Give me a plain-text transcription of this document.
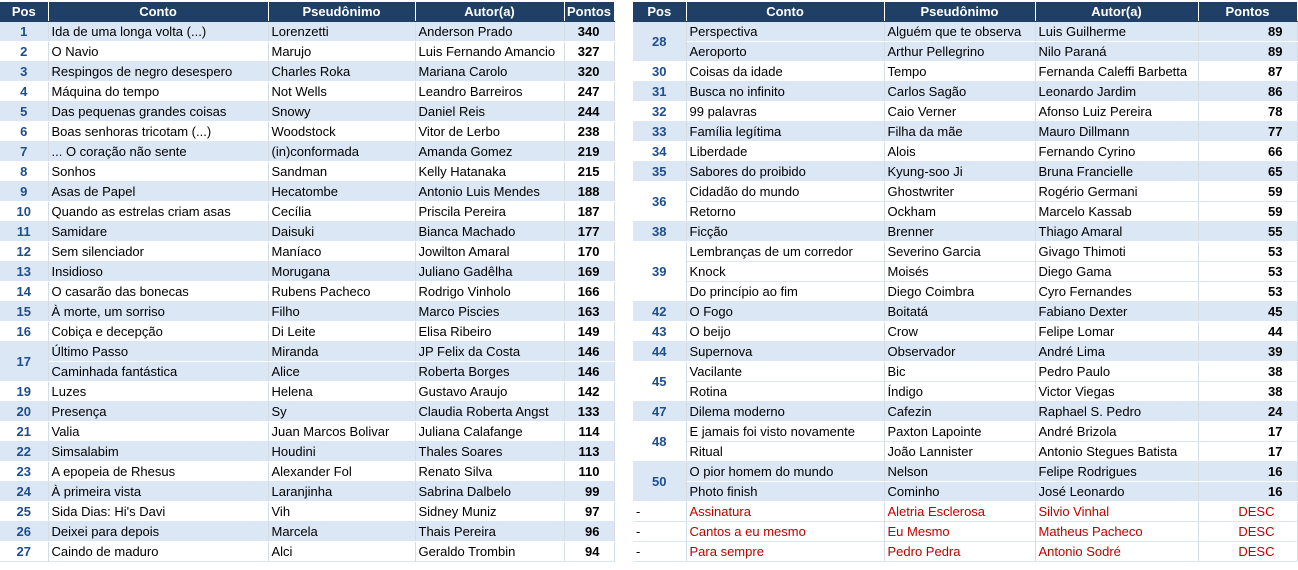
Pos	Conto	Pseudônimo	Autor(a)	Pontos
1	Ida de uma longa volta (...)	Lorenzetti	Anderson Prado	340
2	O Navio	Marujo	Luis Fernando Amancio	327
3	Respingos de negro desespero	Charles Roka	Mariana Carolo	320
4	Máquina do tempo	Not Wells	Leandro Barreiros	247
5	Das pequenas grandes coisas	Snowy	Daniel Reis	244
6	Boas senhoras tricotam (...)	Woodstock	Vitor de Lerbo	238
7	... O coração não sente	(in)conformada	Amanda Gomez	219
8	Sonhos	Sandman	Kelly Hatanaka	215
9	Asas de Papel	Hecatombe	Antonio Luis Mendes	188
10	Quando as estrelas criam asas	Cecília	Priscila Pereira	187
11	Samidare	Daisuki	Bianca Machado	177
12	Sem silenciador	Maníaco	Jowilton Amaral	170
13	Insidioso	Morugana	Juliano Gadêlha	169
14	O casarão das bonecas	Rubens Pacheco	Rodrigo Vinholo	166
15	À morte, um sorriso	Filho	Marco Piscies	163
16	Cobiça e decepção	Di Leite	Elisa Ribeiro	149
17	Último Passo	Miranda	JP Felix da Costa	146
	Caminhada fantástica	Alice	Roberta Borges	146
19	Luzes	Helena	Gustavo Araujo	142
20	Presença	Sy	Claudia Roberta Angst	133
21	Valia	Juan Marcos Bolivar	Juliana Calafange	114
22	Simsalabim	Houdini	Thales Soares	113
23	A epopeia de Rhesus	Alexander Fol	Renato Silva	110
24	À primeira vista	Laranjinha	Sabrina Dalbelo	99
25	Sida Dias: Hi's Davi	Vih	Sidney Muniz	97
26	Deixei para depois	Marcela	Thais Pereira	96
27	Caindo de maduro	Alci	Geraldo Trombin	94
Pos	Conto	Pseudônimo	Autor(a)	Pontos
28	Perspectiva	Alguém que te observa	Luis Guilherme	89
	Aeroporto	Arthur Pellegrino	Nilo Paraná	89
30	Coisas da idade	Tempo	Fernanda Caleffi Barbetta	87
31	Busca no infinito	Carlos Sagão	Leonardo Jardim	86
32	99 palavras	Caio Verner	Afonso Luiz Pereira	78
33	Família legítima	Filha da mãe	Mauro Dillmann	77
34	Liberdade	Alois	Fernando Cyrino	66
35	Sabores do proibido	Kyung-soo Ji	Bruna Francielle	65
36	Cidadão do mundo	Ghostwriter	Rogério Germani	59
	Retorno	Ockham	Marcelo Kassab	59
38	Ficção	Brenner	Thiago Amaral	55
39	Lembranças de um corredor	Severino Garcia	Givago Thimoti	53
	Knock	Moisés	Diego Gama	53
	Do princípio ao fim	Diego Coimbra	Cyro Fernandes	53
42	O Fogo	Boitatá	Fabiano Dexter	45
43	O beijo	Crow	Felipe Lomar	44
44	Supernova	Observador	André Lima	39
45	Vacilante	Bic	Pedro Paulo	38
	Rotina	Índigo	Victor Viegas	38
47	Dilema moderno	Cafezin	Raphael S. Pedro	24
48	E jamais foi visto novamente	Paxton Lapointe	André Brizola	17
	Ritual	João Lannister	Antonio Stegues Batista	17
50	O pior homem do mundo	Nelson	Felipe Rodrigues	16
	Photo finish	Cominho	José Leonardo	16
-	Assinatura	Aletria Esclerosa	Silvio Vinhal	DESC
-	Cantos a eu mesmo	Eu Mesmo	Matheus Pacheco	DESC
-	Para sempre	Pedro Pedra	Antonio Sodré	DESC
